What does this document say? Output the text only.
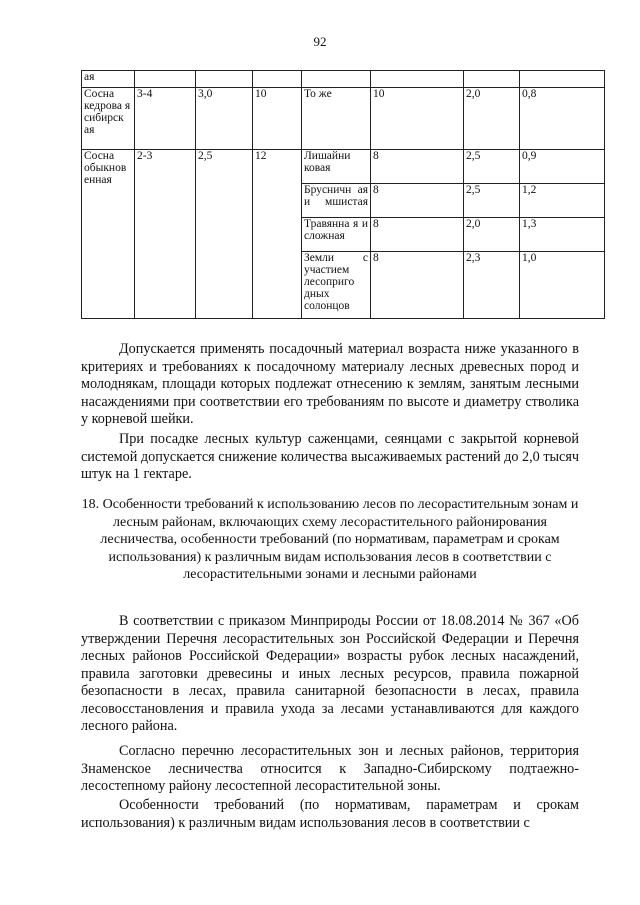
92
ая							
Сосна кедрова я сибирск ая	3-4	3,0	10	То же	10	2,0	0,8
Сосна обыкнов енная	2-3	2,5	12	Лишайни ковая	8	2,5	0,9

				Брусничн ая и мшистая	8	2,5	1,2

				Травянна я и сложная	8	2,0	1,3

				Земли с участием лесоприго дных солонцов	8	2,3	1,0

Допускается применять посадочный материал возраста ниже указанного в критериях и требованиях к посадочному материалу лесных древесных пород и молоднякам, площади которых подлежат отнесению к землям, занятым лесными насаждениями при соответствии его требованиям по высоте и диаметру стволика у корневой шейки.

При посадке лесных культур саженцами, сеянцами с закрытой корневой системой допускается снижение количества высаживаемых растений до 2,0 тысяч штук на 1 гектаре.

18. Особенности требований к использованию лесов по лесорастительным зонам и лесным районам, включающих схему лесорастительного районирования лесничества, особенности требований (по нормативам, параметрам и срокам использования) к различным видам использования лесов в соответствии с лесорастительными зонами и лесными районами

В соответствии с приказом Минприроды России от 18.08.2014 № 367 «Об утверждении Перечня лесорастительных зон Российской Федерации и Перечня лесных районов Российской Федерации» возрасты рубок лесных насаждений, правила заготовки древесины и иных лесных ресурсов, правила пожарной безопасности в лесах, правила санитарной безопасности в лесах, правила лесовосстановления и правила ухода за лесами устанавливаются для каждого лесного района.

Согласно перечню лесорастительных зон и лесных районов, территория Знаменское лесничества относится к Западно-Сибирскому подтаежно-лесостепному району лесостепной лесорастительной зоны.

Особенности требований (по нормативам, параметрам и срокам использования) к различным видам использования лесов в соответствии с
